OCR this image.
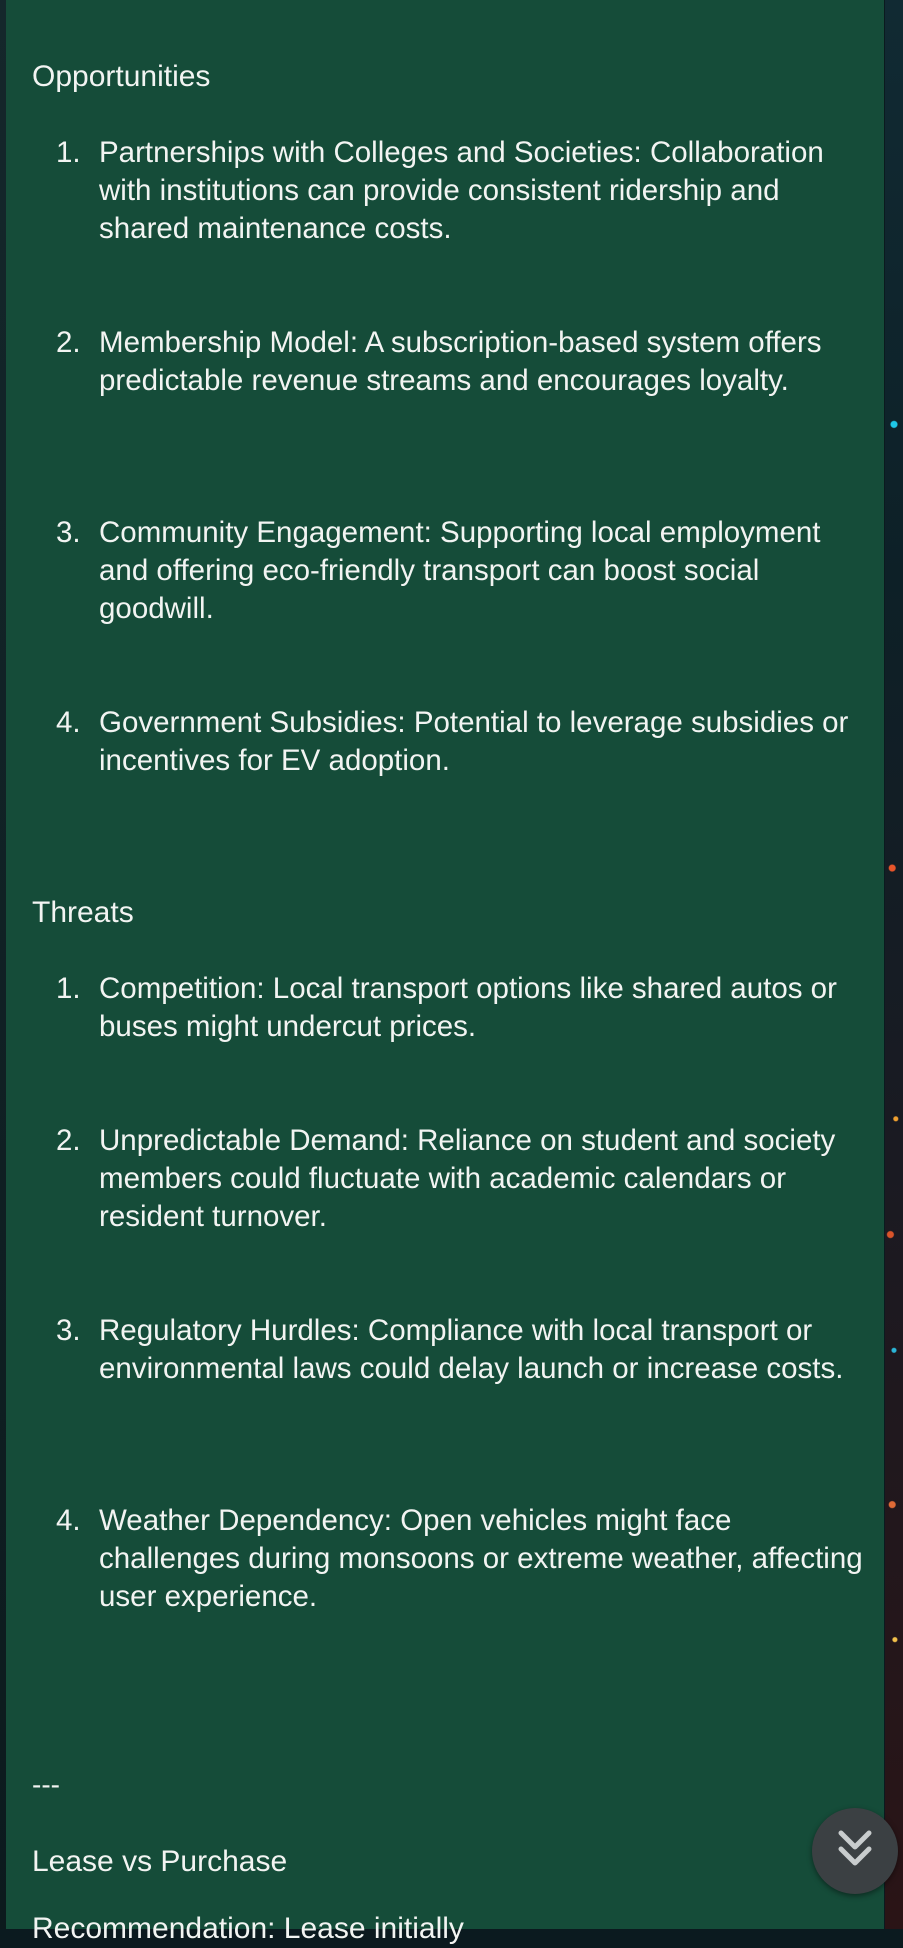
Opportunities
1. Partnerships with Colleges and Societies: Collaboration with institutions can provide consistent ridership and shared maintenance costs.
2. Membership Model: A subscription-based system offers predictable revenue streams and encourages loyalty.
3. Community Engagement: Supporting local employment and offering eco-friendly transport can boost social goodwill.
4. Government Subsidies: Potential to leverage subsidies or incentives for EV adoption.
Threats
1. Competition: Local transport options like shared autos or buses might undercut prices.
2. Unpredictable Demand: Reliance on student and society members could fluctuate with academic calendars or resident turnover.
3. Regulatory Hurdles: Compliance with local transport or environmental laws could delay launch or increase costs.
4. Weather Dependency: Open vehicles might face challenges during monsoons or extreme weather, affecting user experience.
---
Lease vs Purchase
Recommendation: Lease initially
